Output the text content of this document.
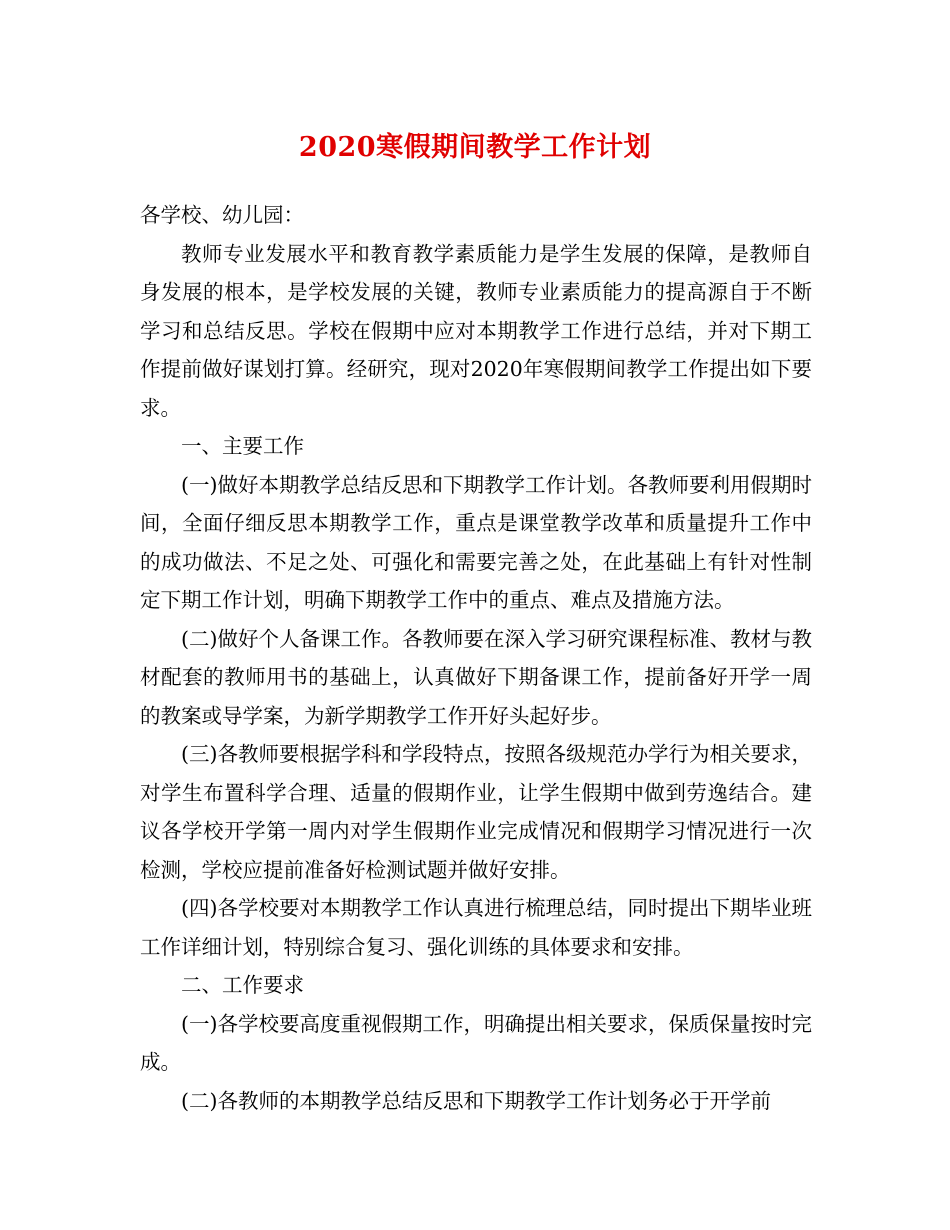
2020寒假期间教学工作计划

各学校、幼儿园：

教师专业发展水平和教育教学素质能力是学生发展的保障，是教师自身发展的根本，是学校发展的关键，教师专业素质能力的提高源自于不断学习和总结反思。学校在假期中应对本期教学工作进行总结，并对下期工作提前做好谋划打算。经研究，现对2020年寒假期间教学工作提出如下要求。

一、主要工作

(一)做好本期教学总结反思和下期教学工作计划。各教师要利用假期时间，全面仔细反思本期教学工作，重点是课堂教学改革和质量提升工作中的成功做法、不足之处、可强化和需要完善之处，在此基础上有针对性制定下期工作计划，明确下期教学工作中的重点、难点及措施方法。

(二)做好个人备课工作。各教师要在深入学习研究课程标准、教材与教材配套的教师用书的基础上，认真做好下期备课工作，提前备好开学一周的教案或导学案，为新学期教学工作开好头起好步。

(三)各教师要根据学科和学段特点，按照各级规范办学行为相关要求，对学生布置科学合理、适量的假期作业，让学生假期中做到劳逸结合。建议各学校开学第一周内对学生假期作业完成情况和假期学习情况进行一次检测，学校应提前准备好检测试题并做好安排。

(四)各学校要对本期教学工作认真进行梳理总结，同时提出下期毕业班工作详细计划，特别综合复习、强化训练的具体要求和安排。

二、工作要求

(一)各学校要高度重视假期工作，明确提出相关要求，保质保量按时完成。

(二)各教师的本期教学总结反思和下期教学工作计划务必于开学前
